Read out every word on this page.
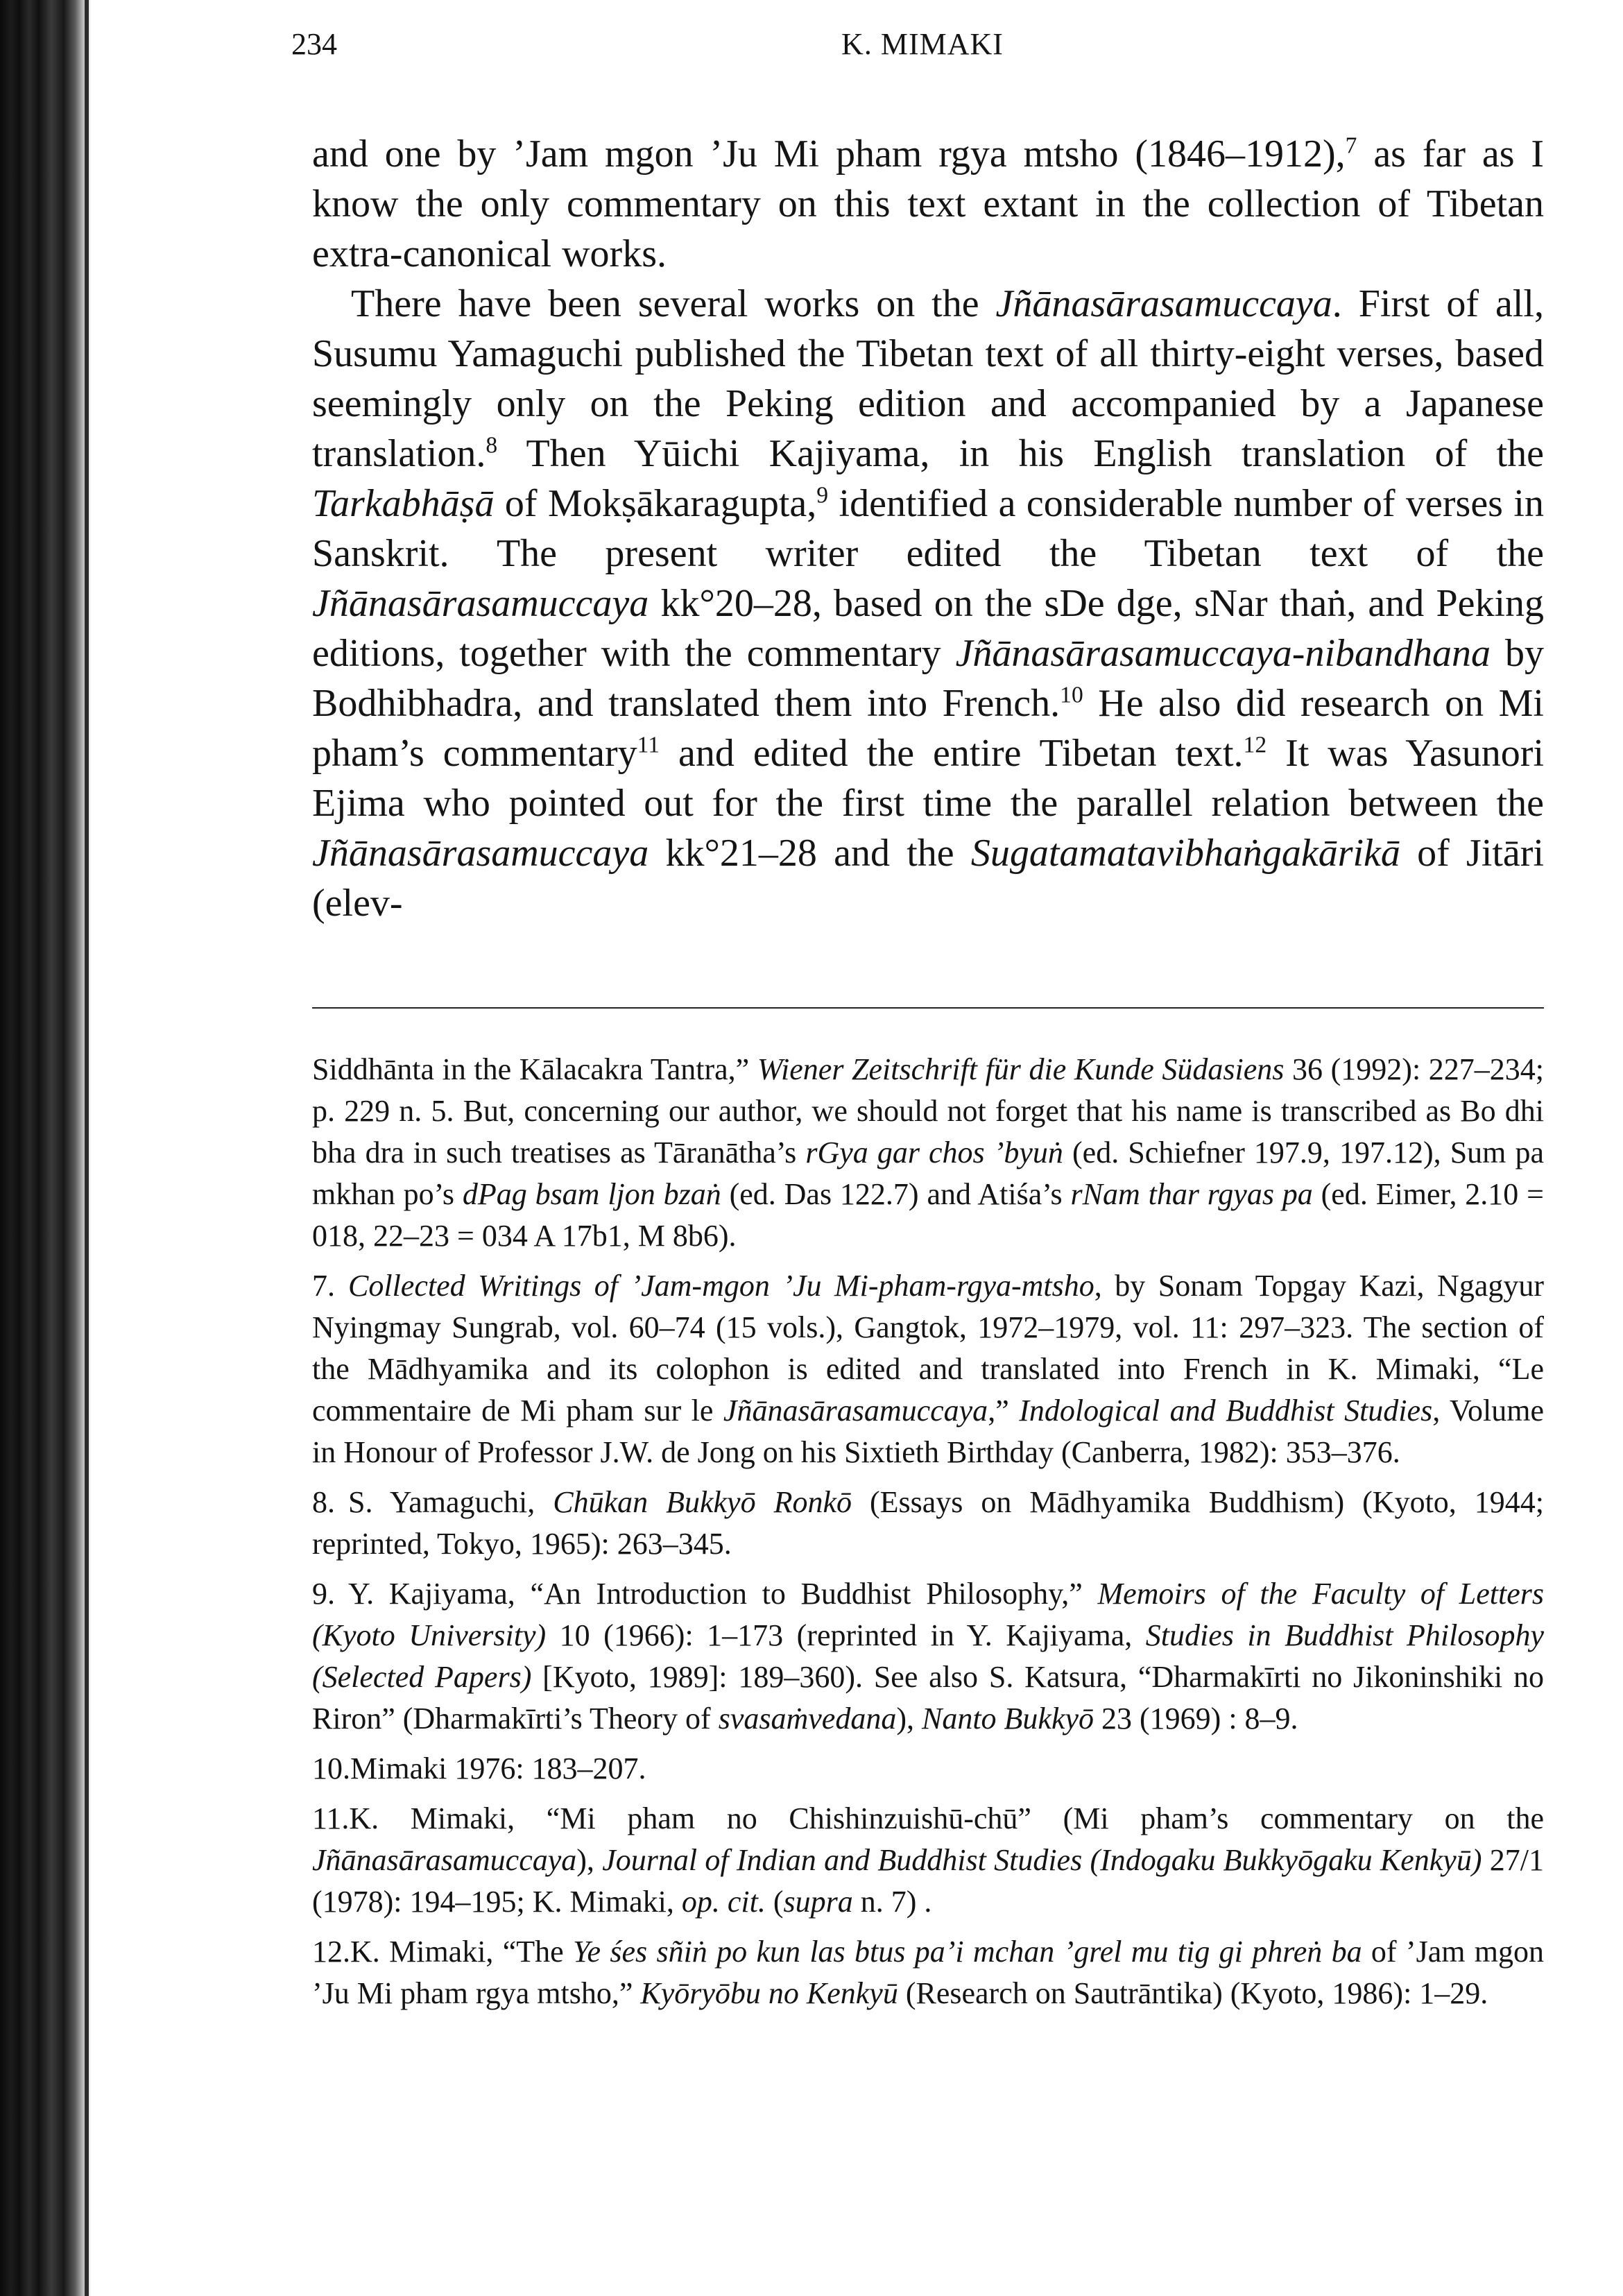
234	K. MIMAKI

and one by ’Jam mgon ’Ju Mi pham rgya mtsho (1846–1912),$^7$ as far as I know the only commentary on this text extant in the collection of Tibetan extra-canonical works.

There have been several works on the Jñānasārasamuccaya. First of all, Susumu Yamaguchi published the Tibetan text of all thirty-eight verses, based seemingly only on the Peking edition and accompanied by a Japanese translation.$^8$ Then Yūichi Kajiyama, in his English translation of the Tarkabhāṣā of Mokṣākaragupta,$^9$ identified a considerable number of verses in Sanskrit. The present writer edited the Tibetan text of the Jñānasārasamuccaya kk°20–28, based on the sDe dge, sNar thaṅ, and Peking editions, together with the commentary Jñānasārasamuccaya-nibandhana by Bodhibhadra, and translated them into French.$^{10}$ He also did research on Mi pham’s commentary$^{11}$ and edited the entire Tibetan text.$^{12}$ It was Yasunori Ejima who pointed out for the first time the parallel relation between the Jñānasārasamuccaya kk°21–28 and the Sugatamatavibhaṅgakārikā of Jitāri (elev-

Siddhānta in the Kālacakra Tantra,” Wiener Zeitschrift für die Kunde Südasiens 36 (1992): 227–234; p. 229 n. 5. But, concerning our author, we should not forget that his name is transcribed as Bo dhi bha dra in such treatises as Tāranātha’s rGya gar chos ’byuṅ (ed. Schiefner 197.9, 197.12), Sum pa mkhan po’s dPag bsam ljon bzaṅ (ed. Das 122.7) and Atiśa’s rNam thar rgyas pa (ed. Eimer, 2.10 = 018, 22–23 = 034 A 17b1, M 8b6).

7. Collected Writings of ’Jam-mgon ’Ju Mi-pham-rgya-mtsho, by Sonam Topgay Kazi, Ngagyur Nyingmay Sungrab, vol. 60–74 (15 vols.), Gangtok, 1972–1979, vol. 11: 297–323. The section of the Mādhyamika and its colophon is edited and translated into French in K. Mimaki, “Le commentaire de Mi pham sur le Jñānasārasamuccaya,” Indological and Buddhist Studies, Volume in Honour of Professor J.W. de Jong on his Sixtieth Birthday (Canberra, 1982): 353–376.

8. S. Yamaguchi, Chūkan Bukkyō Ronkō (Essays on Mādhyamika Buddhism) (Kyoto, 1944; reprinted, Tokyo, 1965): 263–345.

9. Y. Kajiyama, “An Introduction to Buddhist Philosophy,” Memoirs of the Faculty of Letters (Kyoto University) 10 (1966): 1–173 (reprinted in Y. Kajiyama, Studies in Buddhist Philosophy (Selected Papers) [Kyoto, 1989]: 189–360). See also S. Katsura, “Dharmakīrti no Jikoninshiki no Riron” (Dharmakīrti’s Theory of svasaṁvedana), Nanto Bukkyō 23 (1969) : 8–9.

10.Mimaki 1976: 183–207.

11.K. Mimaki, “Mi pham no Chishinzuishū-chū” (Mi pham’s commentary on the Jñānasārasamuccaya), Journal of Indian and Buddhist Studies (Indogaku Bukkyōgaku Kenkyū) 27/1 (1978): 194–195; K. Mimaki, op. cit. (supra n. 7) .

12.K. Mimaki, “The Ye śes sñiṅ po kun las btus pa’i mchan ’grel mu tig gi phreṅ ba of ’Jam mgon ’Ju Mi pham rgya mtsho,” Kyōryōbu no Kenkyū (Research on Sautrāntika) (Kyoto, 1986): 1–29.
